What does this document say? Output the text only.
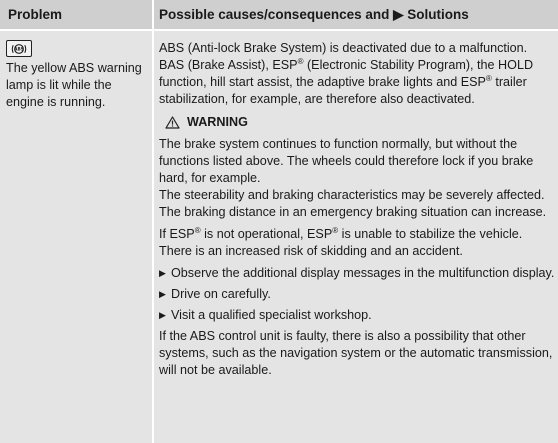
Problem	Possible causes/consequences and ▶ Solutions
ABS
The yellow ABS warning lamp is lit while the engine is running.

ABS (Anti-lock Brake System) is deactivated due to a malfunction. BAS (Brake Assist), ESP® (Electronic Stability Program), the HOLD function, hill start assist, the adaptive brake lights and ESP® trailer stabilization, for example, are therefore also deactivated.

WARNING

The brake system continues to function normally, but without the functions listed above. The wheels could therefore lock if you brake hard, for example.

The steerability and braking characteristics may be severely affected. The braking distance in an emergency braking situation can increase.

If ESP® is not operational, ESP® is unable to stabilize the vehicle. There is an increased risk of skidding and an accident.

▶ Observe the additional display messages in the multifunction display.
▶ Drive on carefully.
▶ Visit a qualified specialist workshop.

If the ABS control unit is faulty, there is also a possibility that other systems, such as the navigation system or the automatic transmission, will not be available.
